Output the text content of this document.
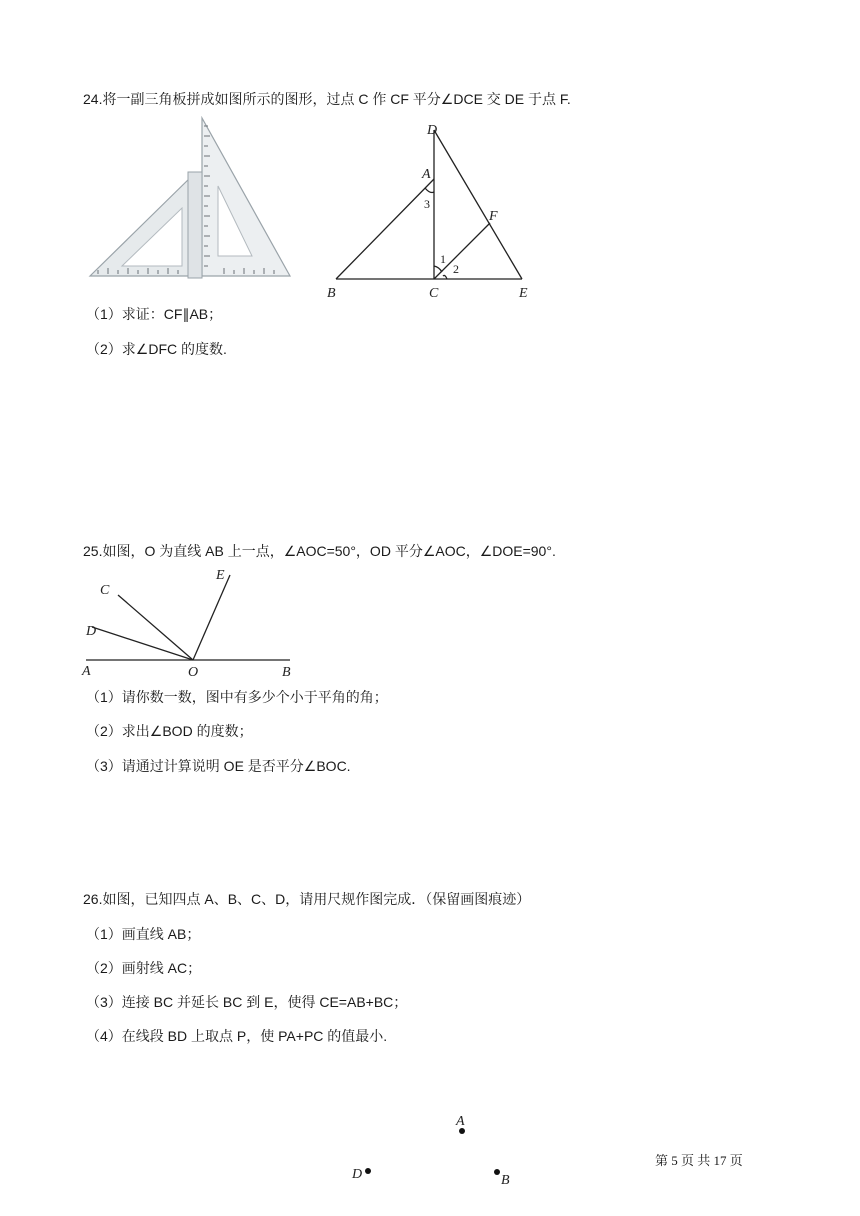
24.将一副三角板拼成如图所示的图形，过点 C 作 CF 平分∠DCE 交 DE 于点 F.
D
A
F
B	C	E
1
2
3
（1）求证：CF∥AB；
（2）求∠DFC 的度数.
25.如图，O 为直线 AB 上一点，∠AOC=50°，OD 平分∠AOC，∠DOE=90°.
C
E
D
A	O	B
（1）请你数一数，图中有多少个小于平角的角；
（2）求出∠BOD 的度数；
（3）请通过计算说明 OE 是否平分∠BOC.
26.如图，已知四点 A、B、C、D，请用尺规作图完成．（保留画图痕迹）
（1）画直线 AB；
（2）画射线 AC；
（3）连接 BC 并延长 BC 到 E，使得 CE=AB+BC；
（4）在线段 BD 上取点 P，使 PA+PC 的值最小.
A
D	B
第 5 页 共 17 页
